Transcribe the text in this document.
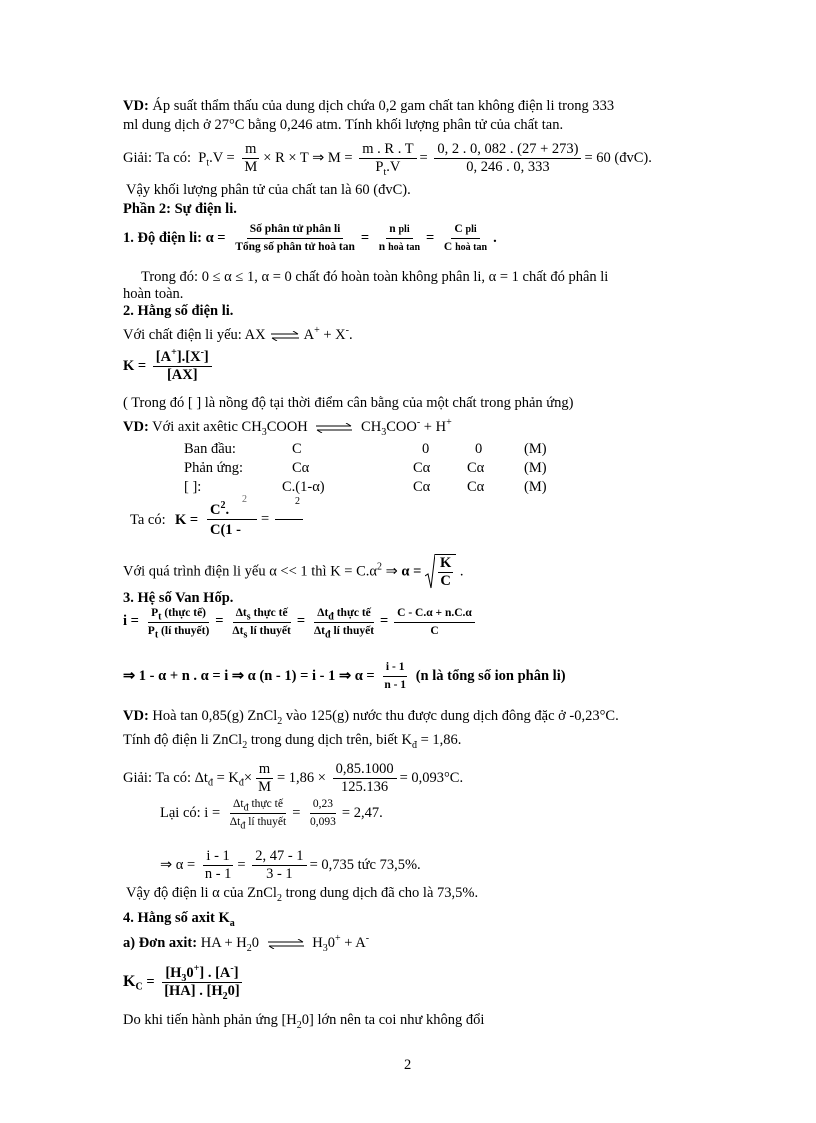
VD: Áp suất thẩm thấu của dung dịch chứa 0,2 gam chất tan không điện li trong 333
ml dung dịch ở 27°C bằng 0,246 atm. Tính khối lượng phân tử của chất tan.
Giải: Ta có: $P_t.V = \frac{m}{M} \times R \times T$ ⇒ $M = \frac{m . R . T}{P_t.V} = \frac{0, 2 . 0, 082 . (27 + 273)}{0, 246 . 0, 333} = 60$ (đvC).
Vậy khối lượng phân tử của chất tan là 60 (đvC).
Phần 2: Sự điện li.
1. Độ điện li: $\alpha = \frac{\text{Số phân tử phân li}}{\text{Tổng số phân tử hoà tan}} = \frac{\text{n pli}}{\text{n hoà tan}} = \frac{\text{C pli}}{\text{C hoà tan}}$ .
Trong đó: 0 ≤ α ≤ 1, α = 0 chất đó hoàn toàn không phân li, α = 1 chất đó phân li
hoàn toàn.
2. Hằng số điện li.
Với chất điện li yếu: AX ⇌ A+ + X-.
$K = \frac{[A^+].[X^-]}{[AX]}$
( Trong đó [ ] là nồng độ tại thời điểm cân bằng của một chất trong phản ứng)
VD: Với axit axêtic $CH_3COOH$ ⇌ $CH_3COO^- + H^+$
Ban đầu:	C	0	0	(M)
Phản ứng:	Cα	Cα	Cα	(M)
[ ]:	C.(1-α)	Cα	Cα	(M)
Ta có: K =
$C^2$.
2
C(1 -
=
2
Với quá trình điện li yếu α << 1 thì $K = C.\alpha^2$ ⇒ α =
K
C
.
3. Hệ số Van Hốp.
$i = \frac{P_t (thực tế)}{P_t (lí thuyết)} = \frac{\Delta t_s thực tế}{\Delta t_s lí thuyết} = \frac{\Delta t_đ thực tế}{\Delta t_đ lí thuyết} = \frac{C - C.\alpha + n.C.\alpha}{C}$
⇒ 1 - α + n . α = i ⇒ α (n - 1) = i - 1 ⇒ $\alpha = \frac{i - 1}{n - 1} (n$ là tổng số ion phân li)
VD: Hoà tan 0,85(g) ZnCl$_2$ vào 125(g) nước thu được dung dịch đông đặc ở -0,23°C.
Tính độ điện li ZnCl$_2$ trong dung dịch trên, biết $K_đ = 1,86$.
Giải: Ta có: $\Delta t_đ = K_đ\times \frac{m}{M} = 1,86 \times \frac{0,85.1000}{125.136} = 0,093^\circ C$.
Lại có: $i = \frac{\Delta t_đ thực tế}{\Delta t_đ lí thuyết} = \frac{0,23}{0,093} = 2,47$.
⇒ $\alpha = \frac{i - 1}{n - 1} = \frac{2, 47 - 1}{3 - 1} = 0,735$ tức 73,5%.
Vậy độ điện li α của ZnCl$_2$ trong dung dịch đã cho là 73,5%.
4. Hằng số axit $K_a$
a) Đơn axit: HA + $H_20$ ⇌ $H_30^+ + A^-$
$K_C = \frac{[H_30^+] . [A^-]}{[HA] . [H_20]}$
Do khi tiến hành phản ứng $[H_20]$ lớn nên ta coi như không đổi
2
